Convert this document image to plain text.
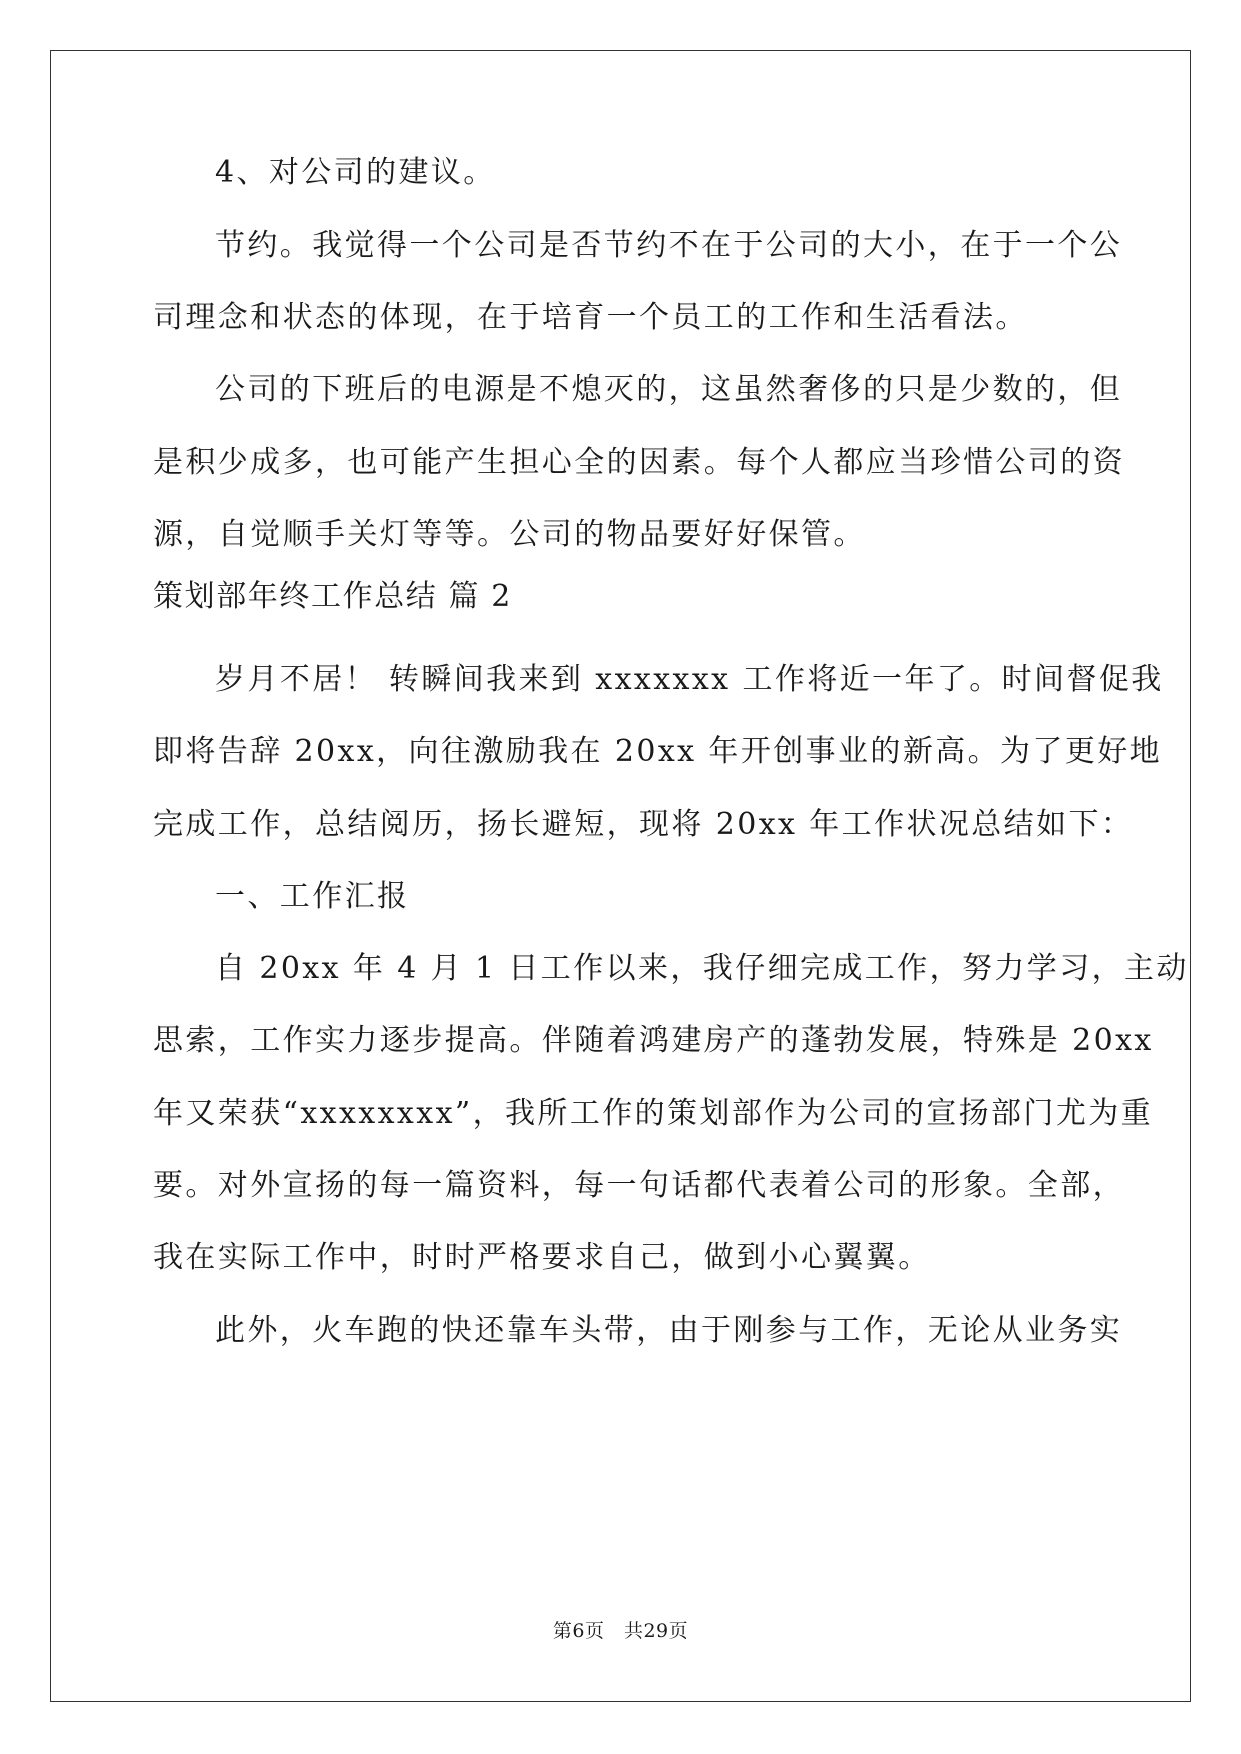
4、对公司的建议。
节约。我觉得一个公司是否节约不在于公司的大小，在于一个公
司理念和状态的体现，在于培育一个员工的工作和生活看法。
公司的下班后的电源是不熄灭的，这虽然奢侈的只是少数的，但
是积少成多，也可能产生担心全的因素。每个人都应当珍惜公司的资
源，自觉顺手关灯等等。公司的物品要好好保管。
策划部年终工作总结 篇 2
岁月不居！ 转瞬间我来到 xxxxxxx 工作将近一年了。时间督促我
即将告辞 20xx，向往激励我在 20xx 年开创事业的新高。为了更好地
完成工作，总结阅历，扬长避短，现将 20xx 年工作状况总结如下：
一、工作汇报
自 20xx 年 4 月 1 日工作以来，我仔细完成工作，努力学习，主动
思索，工作实力逐步提高。伴随着鸿建房产的蓬勃发展，特殊是 20xx
年又荣获“xxxxxxxx”，我所工作的策划部作为公司的宣扬部门尤为重
要。对外宣扬的每一篇资料，每一句话都代表着公司的形象。全部，
我在实际工作中，时时严格要求自己，做到小心翼翼。
此外，火车跑的快还靠车头带，由于刚参与工作，无论从业务实
第6页　共29页
